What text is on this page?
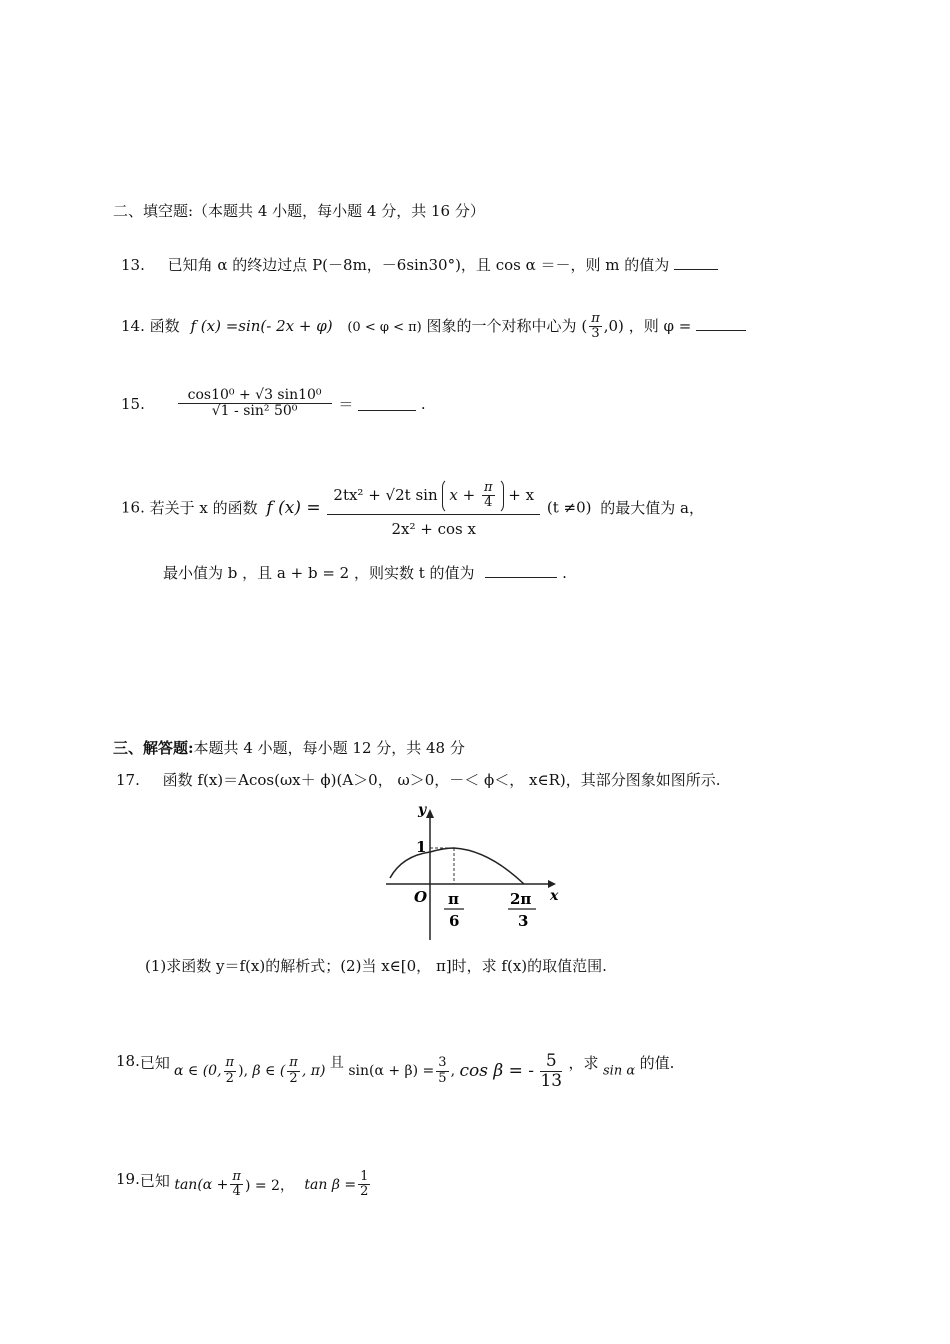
二、填空题:（本题共 4 小题，每小题 4 分，共 16 分）
13. 已知角 α 的终边过点 P(－8m，－6sin30°)，且 cos α ＝－，则 m 的值为
14. 函数 f (x) =sin(- 2x + φ) (0 < φ < π) 图象的一个对称中心为 ( $\frac{\pi}{3} ,0$) ，则 φ =
15. $\frac{\text{cos10⁰ + √3 sin10⁰}}{\text{√1 - sin² 50⁰}}$ ＝	.
16. 若关于 x 的函数 f $(x) = \frac{2tx^2 + √2t \sin x + \frac{\pi}{4} + x}{\text{2x² + cos x}} (t \ne 0)$ 的最大值为 a，
最小值为 b ，且 a + b = 2 ，则实数 t 的值为	.
三、解答题:本题共 4 小题，每小题 12 分，共 48 分
17. 函数 f(x)＝Acos(ωx＋ ϕ)(A＞0， ω＞0，－＜ ϕ＜， x∈R)，其部分图象如图所示.
y
x
O
1
π
6
2π
3
(1)求函数 y＝f(x)的解析式；(2)当 x∈[0， π]时，求 f(x)的取值范围.
18.已知 α ∈ (0, $\frac{\pi}{2}$ ), β ∈ ( $\frac{\pi}{2}$ , π) 且 $\sin(\alpha + \beta) = \frac{3}{5}$ , cos β = - $\frac{5}{13}$ ，求 sin α 的值.
19.已知 $\tan(\alpha + \frac{\pi}{4}$ ) = 2， $\tan \beta = \frac{1}{2}$
